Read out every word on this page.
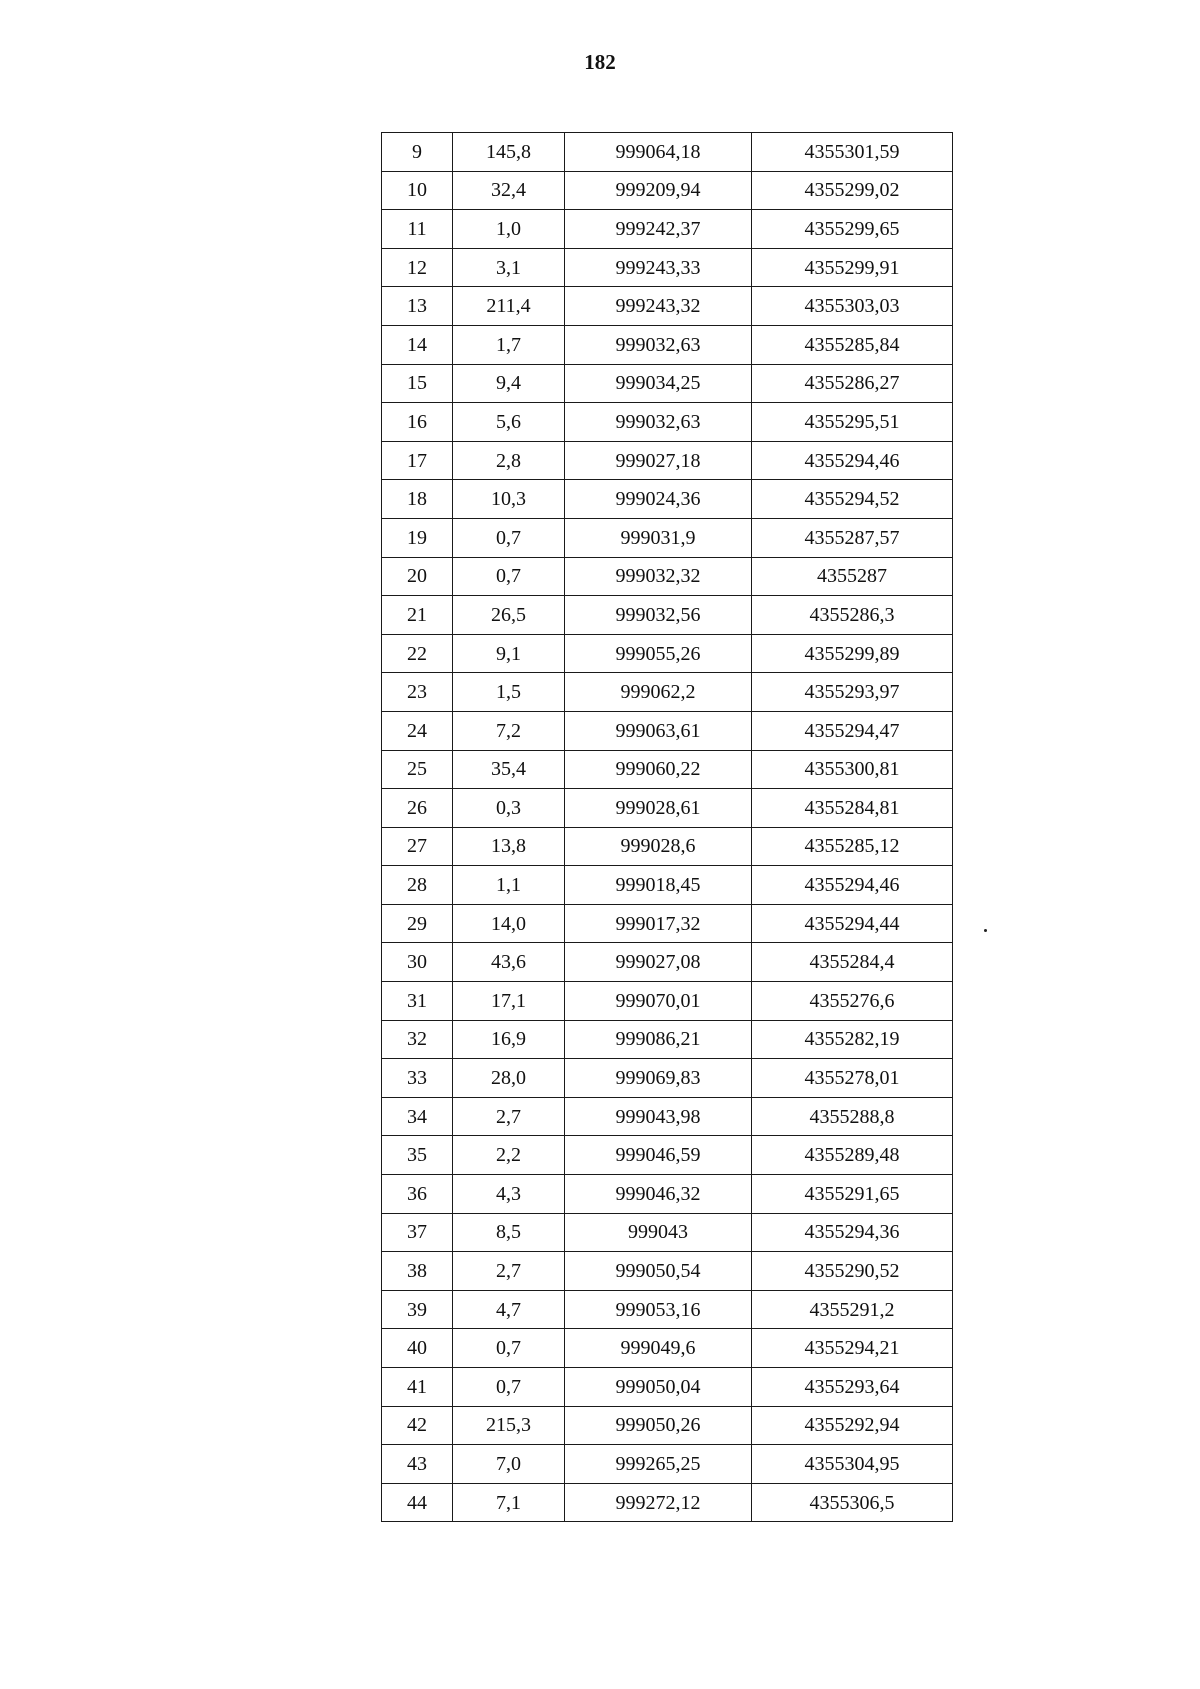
182
9	145,8	999064,18	4355301,59
10	32,4	999209,94	4355299,02
11	1,0	999242,37	4355299,65
12	3,1	999243,33	4355299,91
13	211,4	999243,32	4355303,03
14	1,7	999032,63	4355285,84
15	9,4	999034,25	4355286,27
16	5,6	999032,63	4355295,51
17	2,8	999027,18	4355294,46
18	10,3	999024,36	4355294,52
19	0,7	999031,9	4355287,57
20	0,7	999032,32	4355287
21	26,5	999032,56	4355286,3
22	9,1	999055,26	4355299,89
23	1,5	999062,2	4355293,97
24	7,2	999063,61	4355294,47
25	35,4	999060,22	4355300,81
26	0,3	999028,61	4355284,81
27	13,8	999028,6	4355285,12
28	1,1	999018,45	4355294,46
29	14,0	999017,32	4355294,44
30	43,6	999027,08	4355284,4
31	17,1	999070,01	4355276,6
32	16,9	999086,21	4355282,19
33	28,0	999069,83	4355278,01
34	2,7	999043,98	4355288,8
35	2,2	999046,59	4355289,48
36	4,3	999046,32	4355291,65
37	8,5	999043	4355294,36
38	2,7	999050,54	4355290,52
39	4,7	999053,16	4355291,2
40	0,7	999049,6	4355294,21
41	0,7	999050,04	4355293,64
42	215,3	999050,26	4355292,94
43	7,0	999265,25	4355304,95
44	7,1	999272,12	4355306,5
